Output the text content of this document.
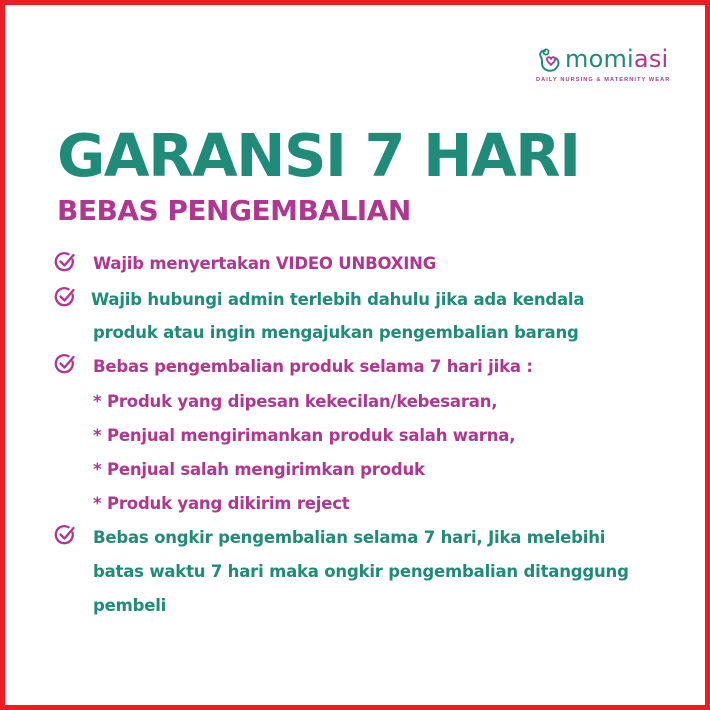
momiasi
DAILY NURSING & MATERNITY WEAR
GARANSI 7 HARI
BEBAS PENGEMBALIAN
Wajib menyertakan VIDEO UNBOXING
Wajib hubungi admin terlebih dahulu jika ada kendala
produk atau ingin mengajukan pengembalian barang
Bebas pengembalian produk selama 7 hari jika :
* Produk yang dipesan kekecilan/kebesaran,
* Penjual mengirimankan produk salah warna,
* Penjual salah mengirimkan produk
* Produk yang dikirim reject
Bebas ongkir pengembalian selama 7 hari, Jika melebihi
batas waktu 7 hari maka ongkir pengembalian ditanggung
pembeli
